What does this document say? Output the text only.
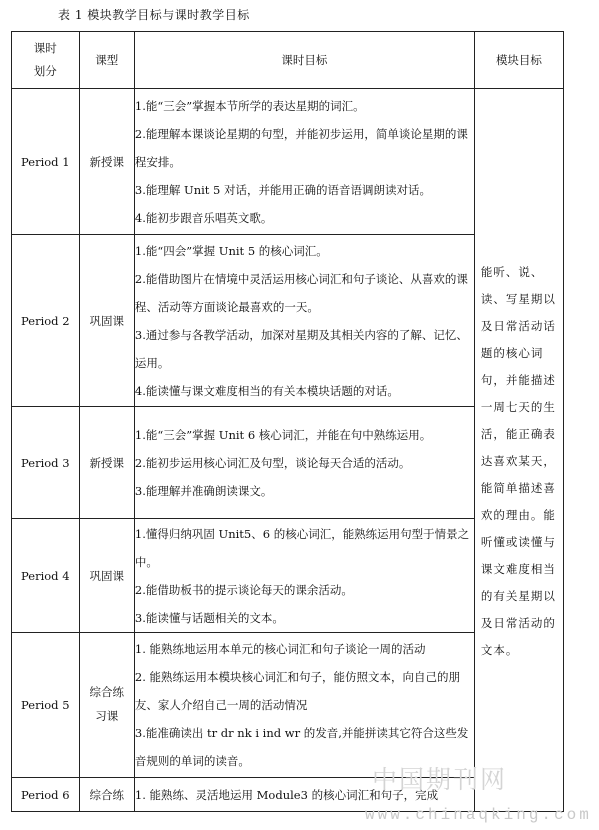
表 1 模块教学目标与课时教学目标
课时
划分	课型	课时目标	模块目标
Period 1	新授课	1.能“三会”掌握本节所学的表达星期的词汇。
2.能理解本课谈论星期的句型，并能初步运用，简单谈论星期的课程安排。
3.能理解 Unit 5 对话，并能用正确的语音语调朗读对话。
4.能初步跟音乐唱英文歌。	能听、说、读、写星期以及日常活动话题的核心词句，并能描述一周七天的生活，能正确表达喜欢某天，能简单描述喜欢的理由。能听懂或读懂与课文难度相当的有关星期以及日常活动的文本。
Period 2	巩固课	1.能“四会”掌握 Unit 5 的核心词汇。
2.能借助图片在情境中灵活运用核心词汇和句子谈论、从喜欢的课程、活动等方面谈论最喜欢的一天。
3.通过参与各教学活动，加深对星期及其相关内容的了解、记忆、运用。
4.能读懂与课文难度相当的有关本模块话题的对话。	

Period 3	新授课	1.能“三会”掌握 Unit 6 核心词汇，并能在句中熟练运用。
2.能初步运用核心词汇及句型，谈论每天合适的活动。
3.能理解并准确朗读课文。	

Period 4	巩固课	1.懂得归纳巩固 Unit5、6 的核心词汇，能熟练运用句型于情景之中。
2.能借助板书的提示谈论每天的课余活动。
3.能读懂与话题相关的文本。	

Period 5	综合练习课	1. 能熟练地运用本单元的核心词汇和句子谈论一周的活动
2. 能熟练运用本模块核心词汇和句子，能仿照文本，向自己的朋友、家人介绍自己一周的活动情况
3.能准确读出 tr dr nk i ind wr 的发音,并能拼读其它符合这些发音规则的单词的读音。	

Period 6	综合练	1. 能熟练、灵活地运用 Module3 的核心词汇和句子，完成	
中国期刊网
www.chinaqking.com
